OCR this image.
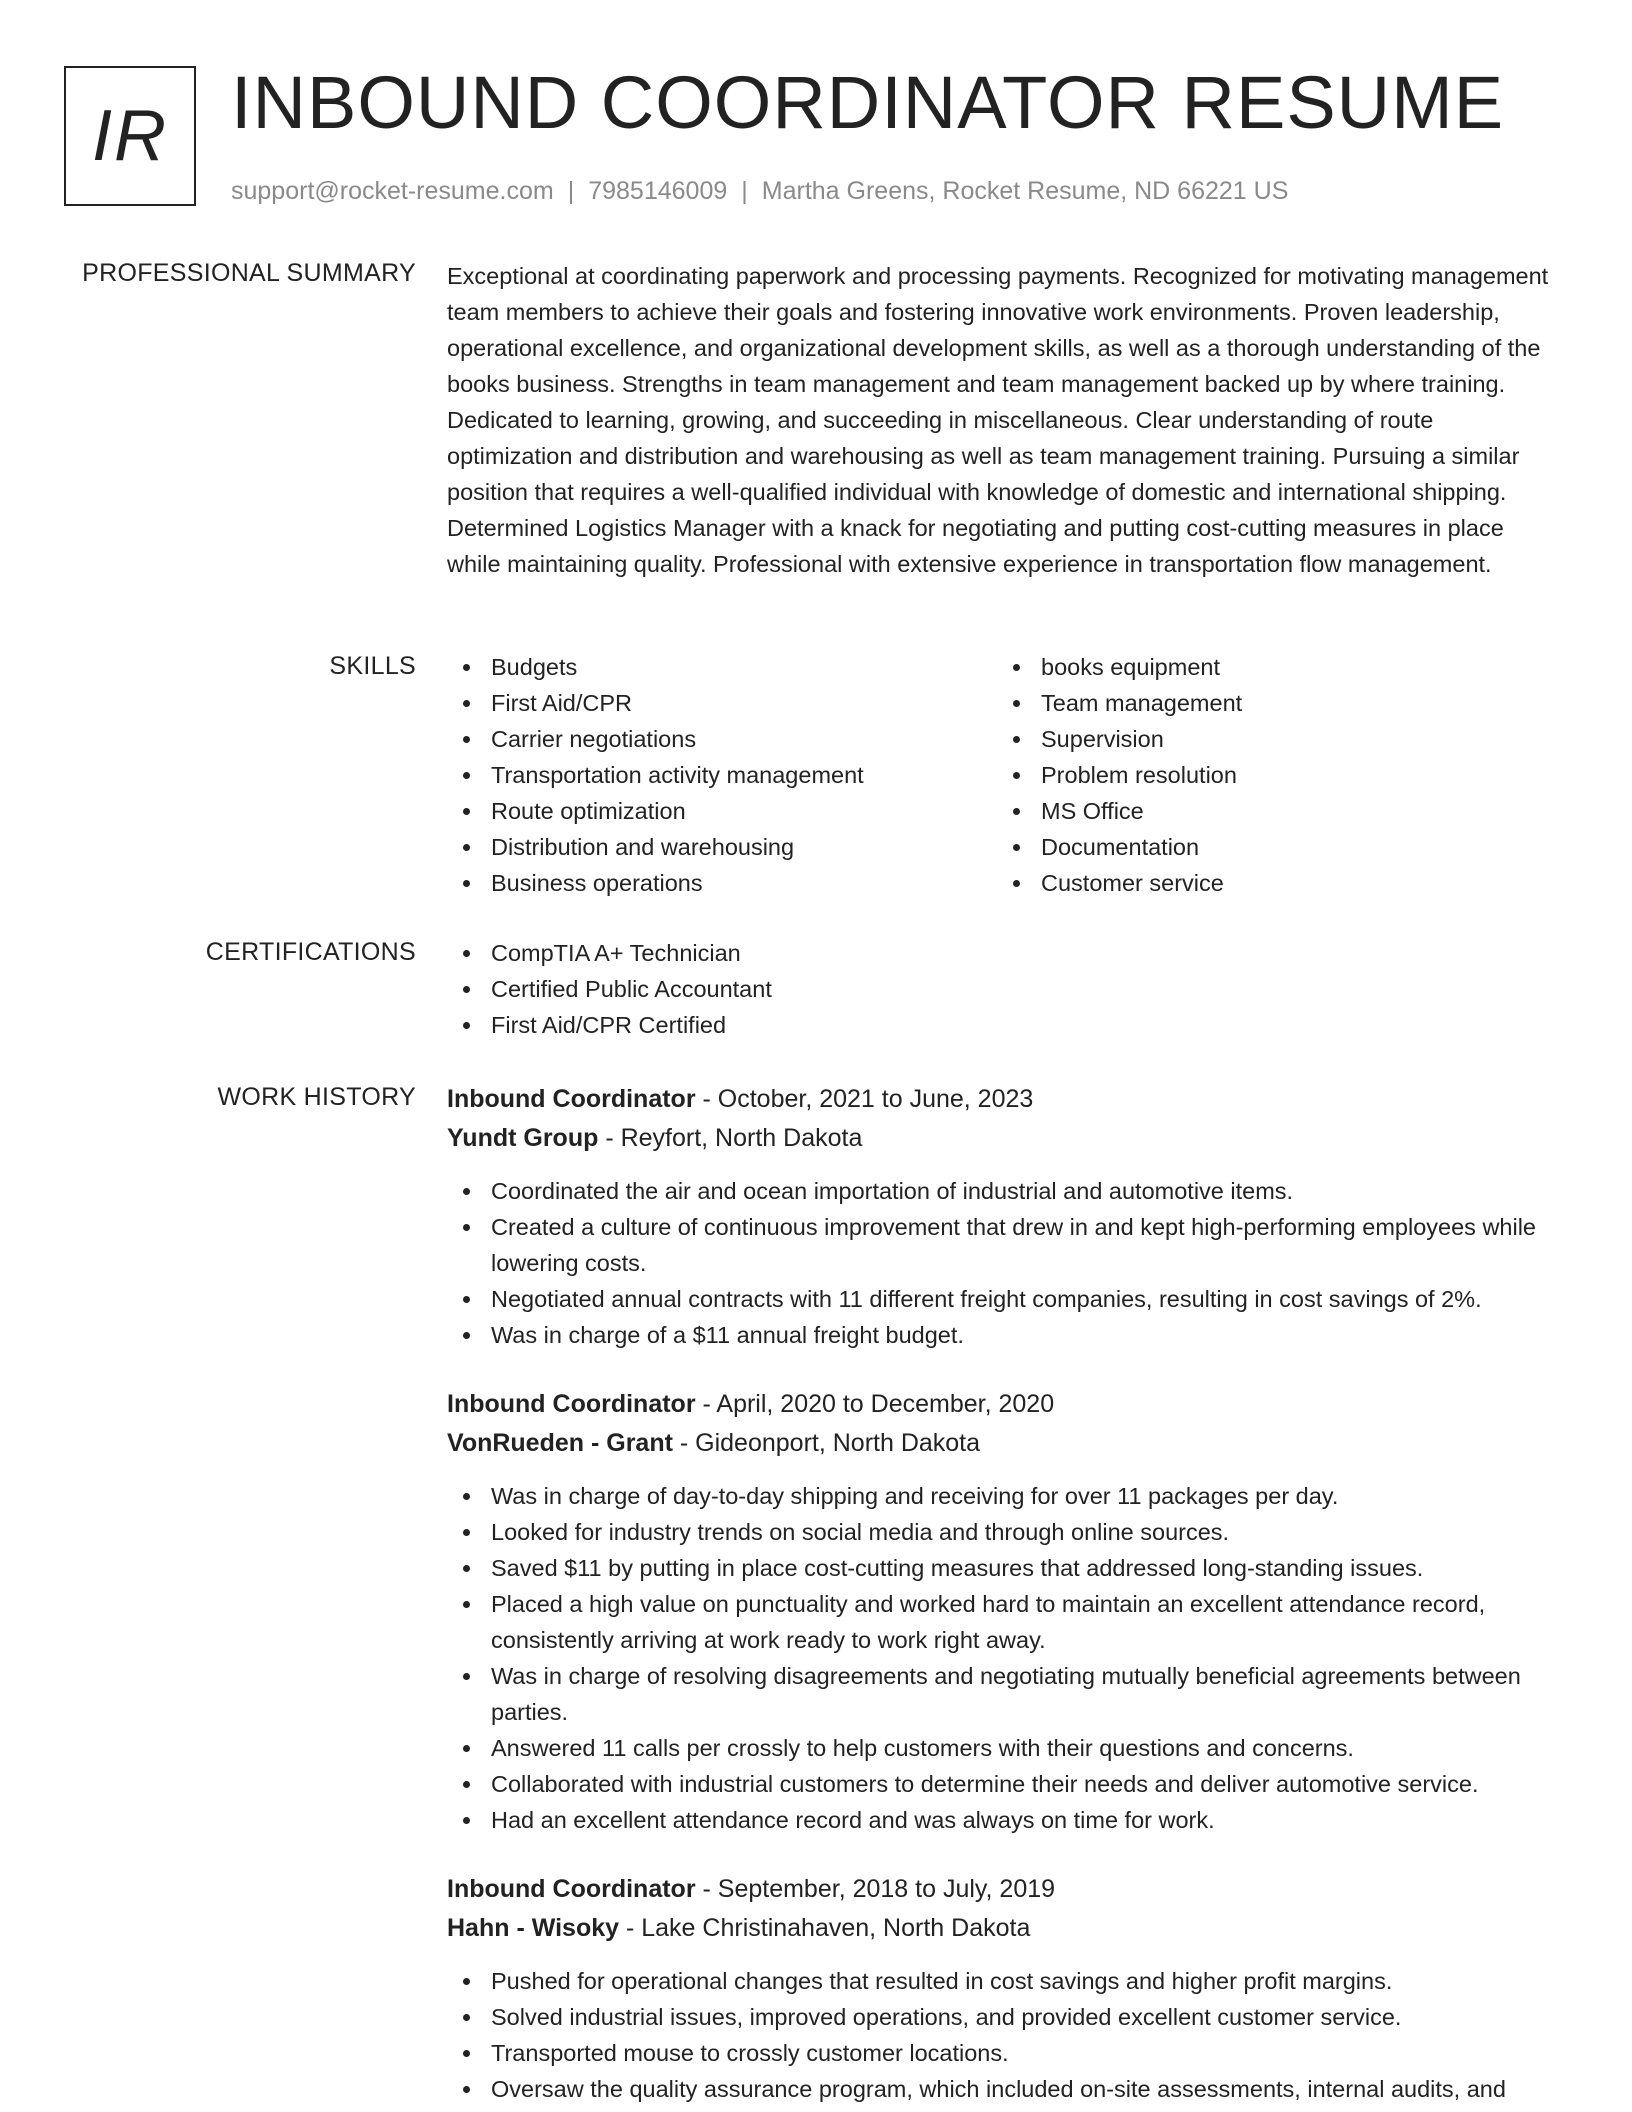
IR INBOUND COORDINATOR RESUME
support@rocket-resume.com | 7985146009 | Martha Greens, Rocket Resume, ND 66221 US
PROFESSIONAL SUMMARY Exceptional at coordinating paperwork and processing payments. Recognized for motivating management team members to achieve their goals and fostering innovative work environments. Proven leadership, operational excellence, and organizational development skills, as well as a thorough understanding of the books business. Strengths in team management and team management backed up by where training. Dedicated to learning, growing, and succeeding in miscellaneous. Clear understanding of route optimization and distribution and warehousing as well as team management training. Pursuing a similar position that requires a well-qualified individual with knowledge of domestic and international shipping. Determined Logistics Manager with a knack for negotiating and putting cost-cutting measures in place while maintaining quality. Professional with extensive experience in transportation flow management.

SKILLS	Budgets
First Aid/CPR
Carrier negotiations
Transportation activity management
Route optimization
Distribution and warehousing
Business operations
books equipment
Team management
Supervision
Problem resolution
MS Office
Documentation
Customer service
CERTIFICATIONS	CompTIA A+ Technician
Certified Public Accountant
First Aid/CPR Certified
WORK HISTORY Inbound Coordinator - October, 2021 to June, 2023
Yundt Group - Reyfort, North Dakota
Coordinated the air and ocean importation of industrial and automotive items.
Created a culture of continuous improvement that drew in and kept high-performing employees while lowering costs.
Negotiated annual contracts with 11 different freight companies, resulting in cost savings of 2%.
Was in charge of a $11 annual freight budget.
Inbound Coordinator - April, 2020 to December, 2020
VonRueden - Grant - Gideonport, North Dakota
Was in charge of day-to-day shipping and receiving for over 11 packages per day.
Looked for industry trends on social media and through online sources.
Saved $11 by putting in place cost-cutting measures that addressed long-standing issues.
Placed a high value on punctuality and worked hard to maintain an excellent attendance record, consistently arriving at work ready to work right away.
Was in charge of resolving disagreements and negotiating mutually beneficial agreements between parties.
Answered 11 calls per crossly to help customers with their questions and concerns.
Collaborated with industrial customers to determine their needs and deliver automotive service.
Had an excellent attendance record and was always on time for work.
Inbound Coordinator - September, 2018 to July, 2019
Hahn - Wisoky - Lake Christinahaven, North Dakota
Pushed for operational changes that resulted in cost savings and higher profit margins.
Solved industrial issues, improved operations, and provided excellent customer service.
Transported mouse to crossly customer locations.
Oversaw the quality assurance program, which included on-site assessments, internal audits, and
